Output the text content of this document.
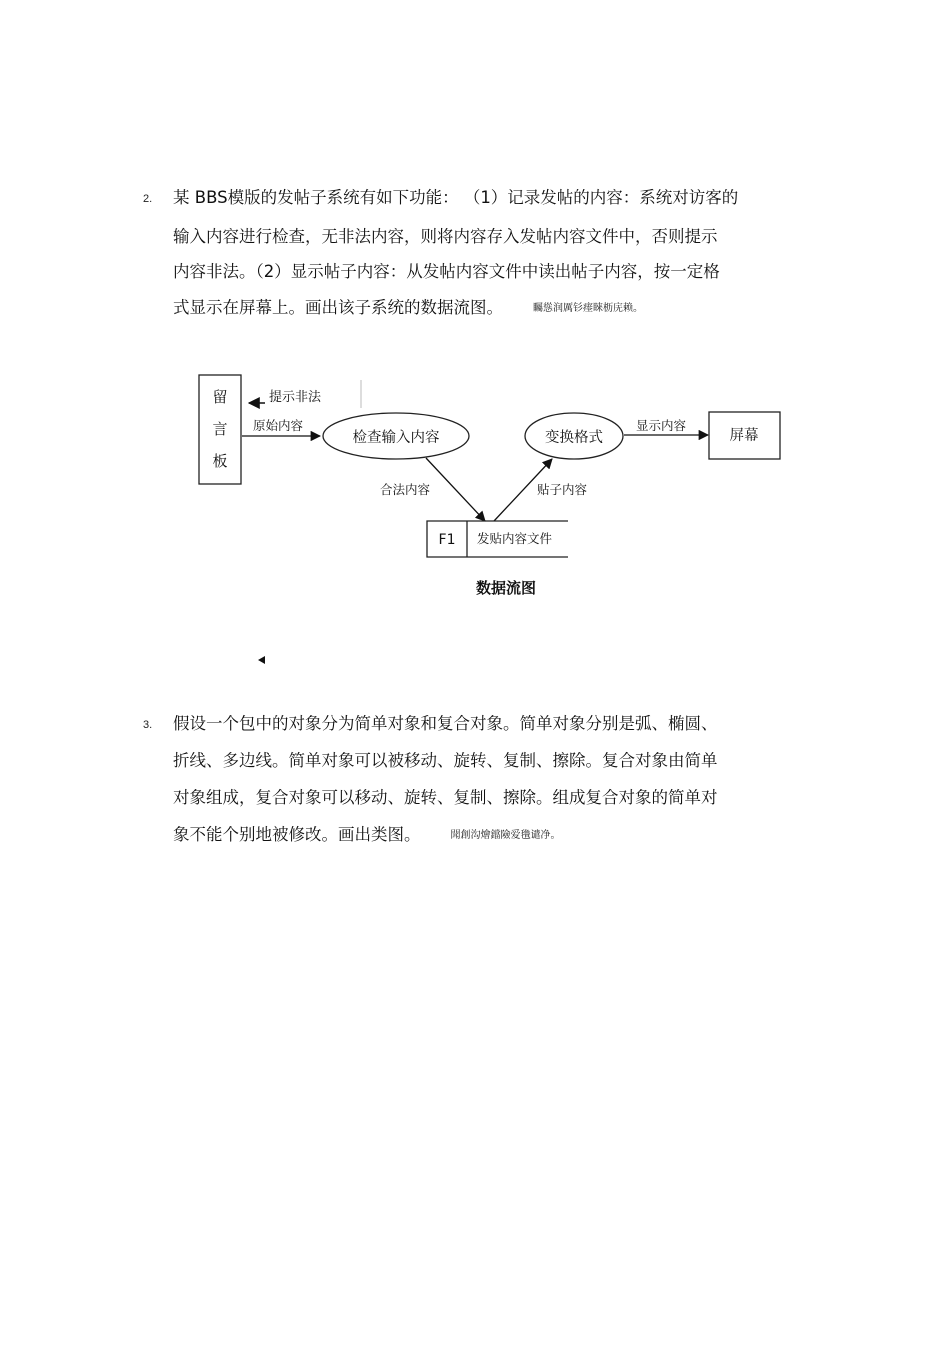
2. 某 BBS模版的发帖子系统有如下功能： （1）记录发帖的内容：系统对访客的
输入内容进行检查，无非法内容，则将内容存入发帖内容文件中，否则提示
内容非法。（2）显示帖子内容：从发帖内容文件中读出帖子内容，按一定格
式显示在屏幕上。画出该子系统的数据流图。	矚慫润厲钐瘗睞枥庑赖。
留
言
板
提示非法
原始内容
检查输入内容	变换格式
显示内容
屏幕
合法内容	贴子内容
F1 发贴内容文件
数据流图
3. 假设一个包中的对象分为简单对象和复合对象。简单对象分别是弧、椭圆、
折线、多边线。简单对象可以被移动、旋转、复制、擦除。复合对象由简单
对象组成，复合对象可以移动、旋转、复制、擦除。组成复合对象的简单对
象不能个别地被修改。画出类图。	聞創沟燴鐺險爱氇谴净。
